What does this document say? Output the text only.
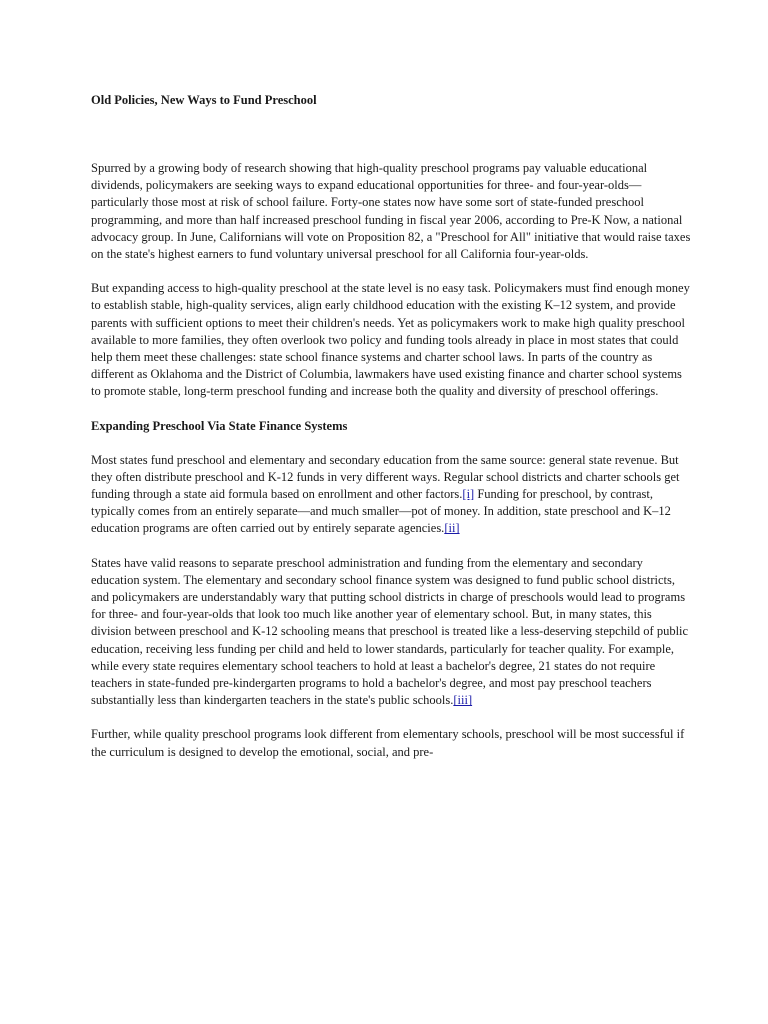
Old Policies, New Ways to Fund Preschool

Spurred by a growing body of research showing that high-quality preschool programs pay valuable educational dividends, policymakers are seeking ways to expand educational opportunities for three- and four-year-olds—particularly those most at risk of school failure. Forty-one states now have some sort of state-funded preschool programming, and more than half increased preschool funding in fiscal year 2006, according to Pre-K Now, a national advocacy group. In June, Californians will vote on Proposition 82, a "Preschool for All" initiative that would raise taxes on the state's highest earners to fund voluntary universal preschool for all California four-year-olds.

But expanding access to high-quality preschool at the state level is no easy task. Policymakers must find enough money to establish stable, high-quality services, align early childhood education with the existing K–12 system, and provide parents with sufficient options to meet their children's needs. Yet as policymakers work to make high quality preschool available to more families, they often overlook two policy and funding tools already in place in most states that could help them meet these challenges: state school finance systems and charter school laws. In parts of the country as different as Oklahoma and the District of Columbia, lawmakers have used existing finance and charter school systems to promote stable, long-term preschool funding and increase both the quality and diversity of preschool offerings.

Expanding Preschool Via State Finance Systems

Most states fund preschool and elementary and secondary education from the same source: general state revenue. But they often distribute preschool and K-12 funds in very different ways. Regular school districts and charter schools get funding through a state aid formula based on enrollment and other factors.[i] Funding for preschool, by contrast, typically comes from an entirely separate—and much smaller—pot of money. In addition, state preschool and K–12 education programs are often carried out by entirely separate agencies.[ii]

States have valid reasons to separate preschool administration and funding from the elementary and secondary education system. The elementary and secondary school finance system was designed to fund public school districts, and policymakers are understandably wary that putting school districts in charge of preschools would lead to programs for three- and four-year-olds that look too much like another year of elementary school. But, in many states, this division between preschool and K-12 schooling means that preschool is treated like a less-deserving stepchild of public education, receiving less funding per child and held to lower standards, particularly for teacher quality. For example, while every state requires elementary school teachers to hold at least a bachelor's degree, 21 states do not require teachers in state-funded pre-kindergarten programs to hold a bachelor's degree, and most pay preschool teachers substantially less than kindergarten teachers in the state's public schools.[iii]

Further, while quality preschool programs look different from elementary schools, preschool will be most successful if the curriculum is designed to develop the emotional, social, and pre-
